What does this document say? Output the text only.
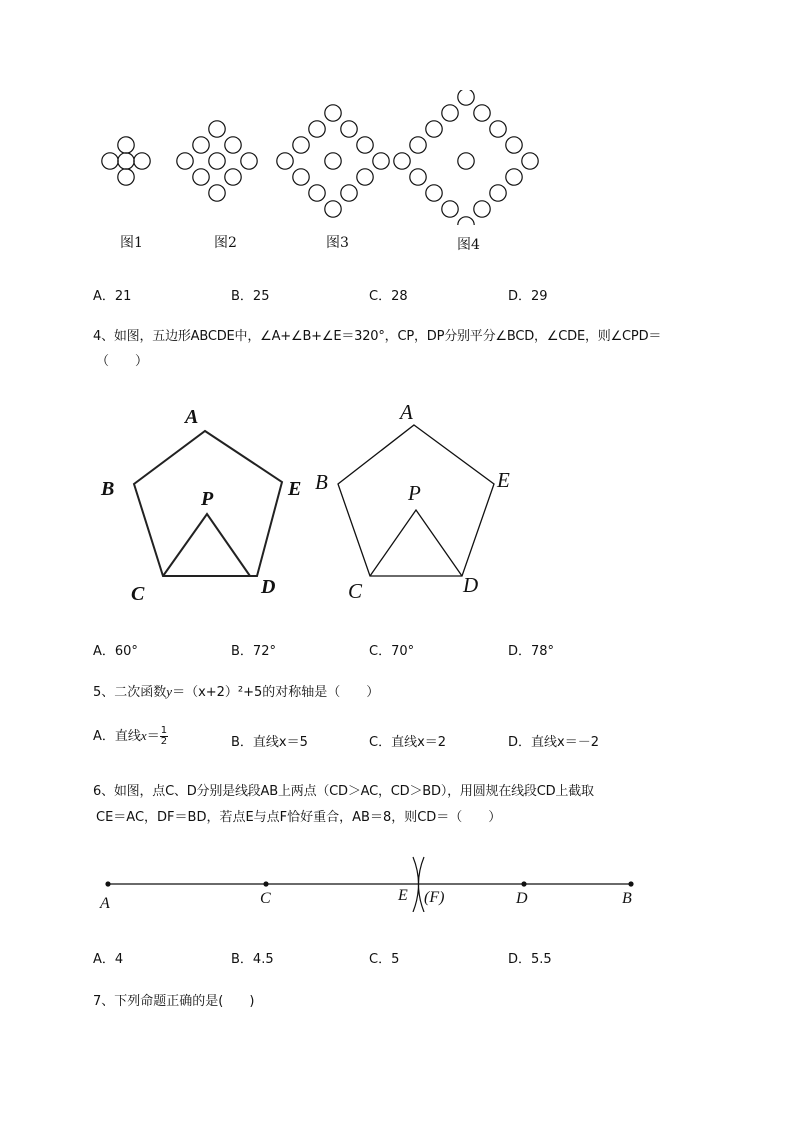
图1	图2	图3	图4
A．21	B．25	C．28	D．29
4、如图，五边形ABCDE中，∠A+∠B+∠E＝320°，CP，DP分别平分∠BCD，∠CDE，则∠CPD＝
（　　）
A
B	E
P
C	D
A
B	E
P
C	D
A．60°	B．72°	C．70°	D．78°
5、二次函数y＝（x+2）²+5的对称轴是（　　）
A．直线$x= \frac{1}{2}$	B．直线x＝5	C．直线x＝2	D．直线x＝－2
6、如图，点C、D分别是线段AB上两点（CD＞AC，CD＞BD），用圆规在线段CD上截取
CE＝AC，DF＝BD，若点E与点F恰好重合，AB＝8，则CD＝（　　）
A	C	E (F)	D	B
A．4	B．4.5	C．5	D．5.5
7、下列命题正确的是(　　)
